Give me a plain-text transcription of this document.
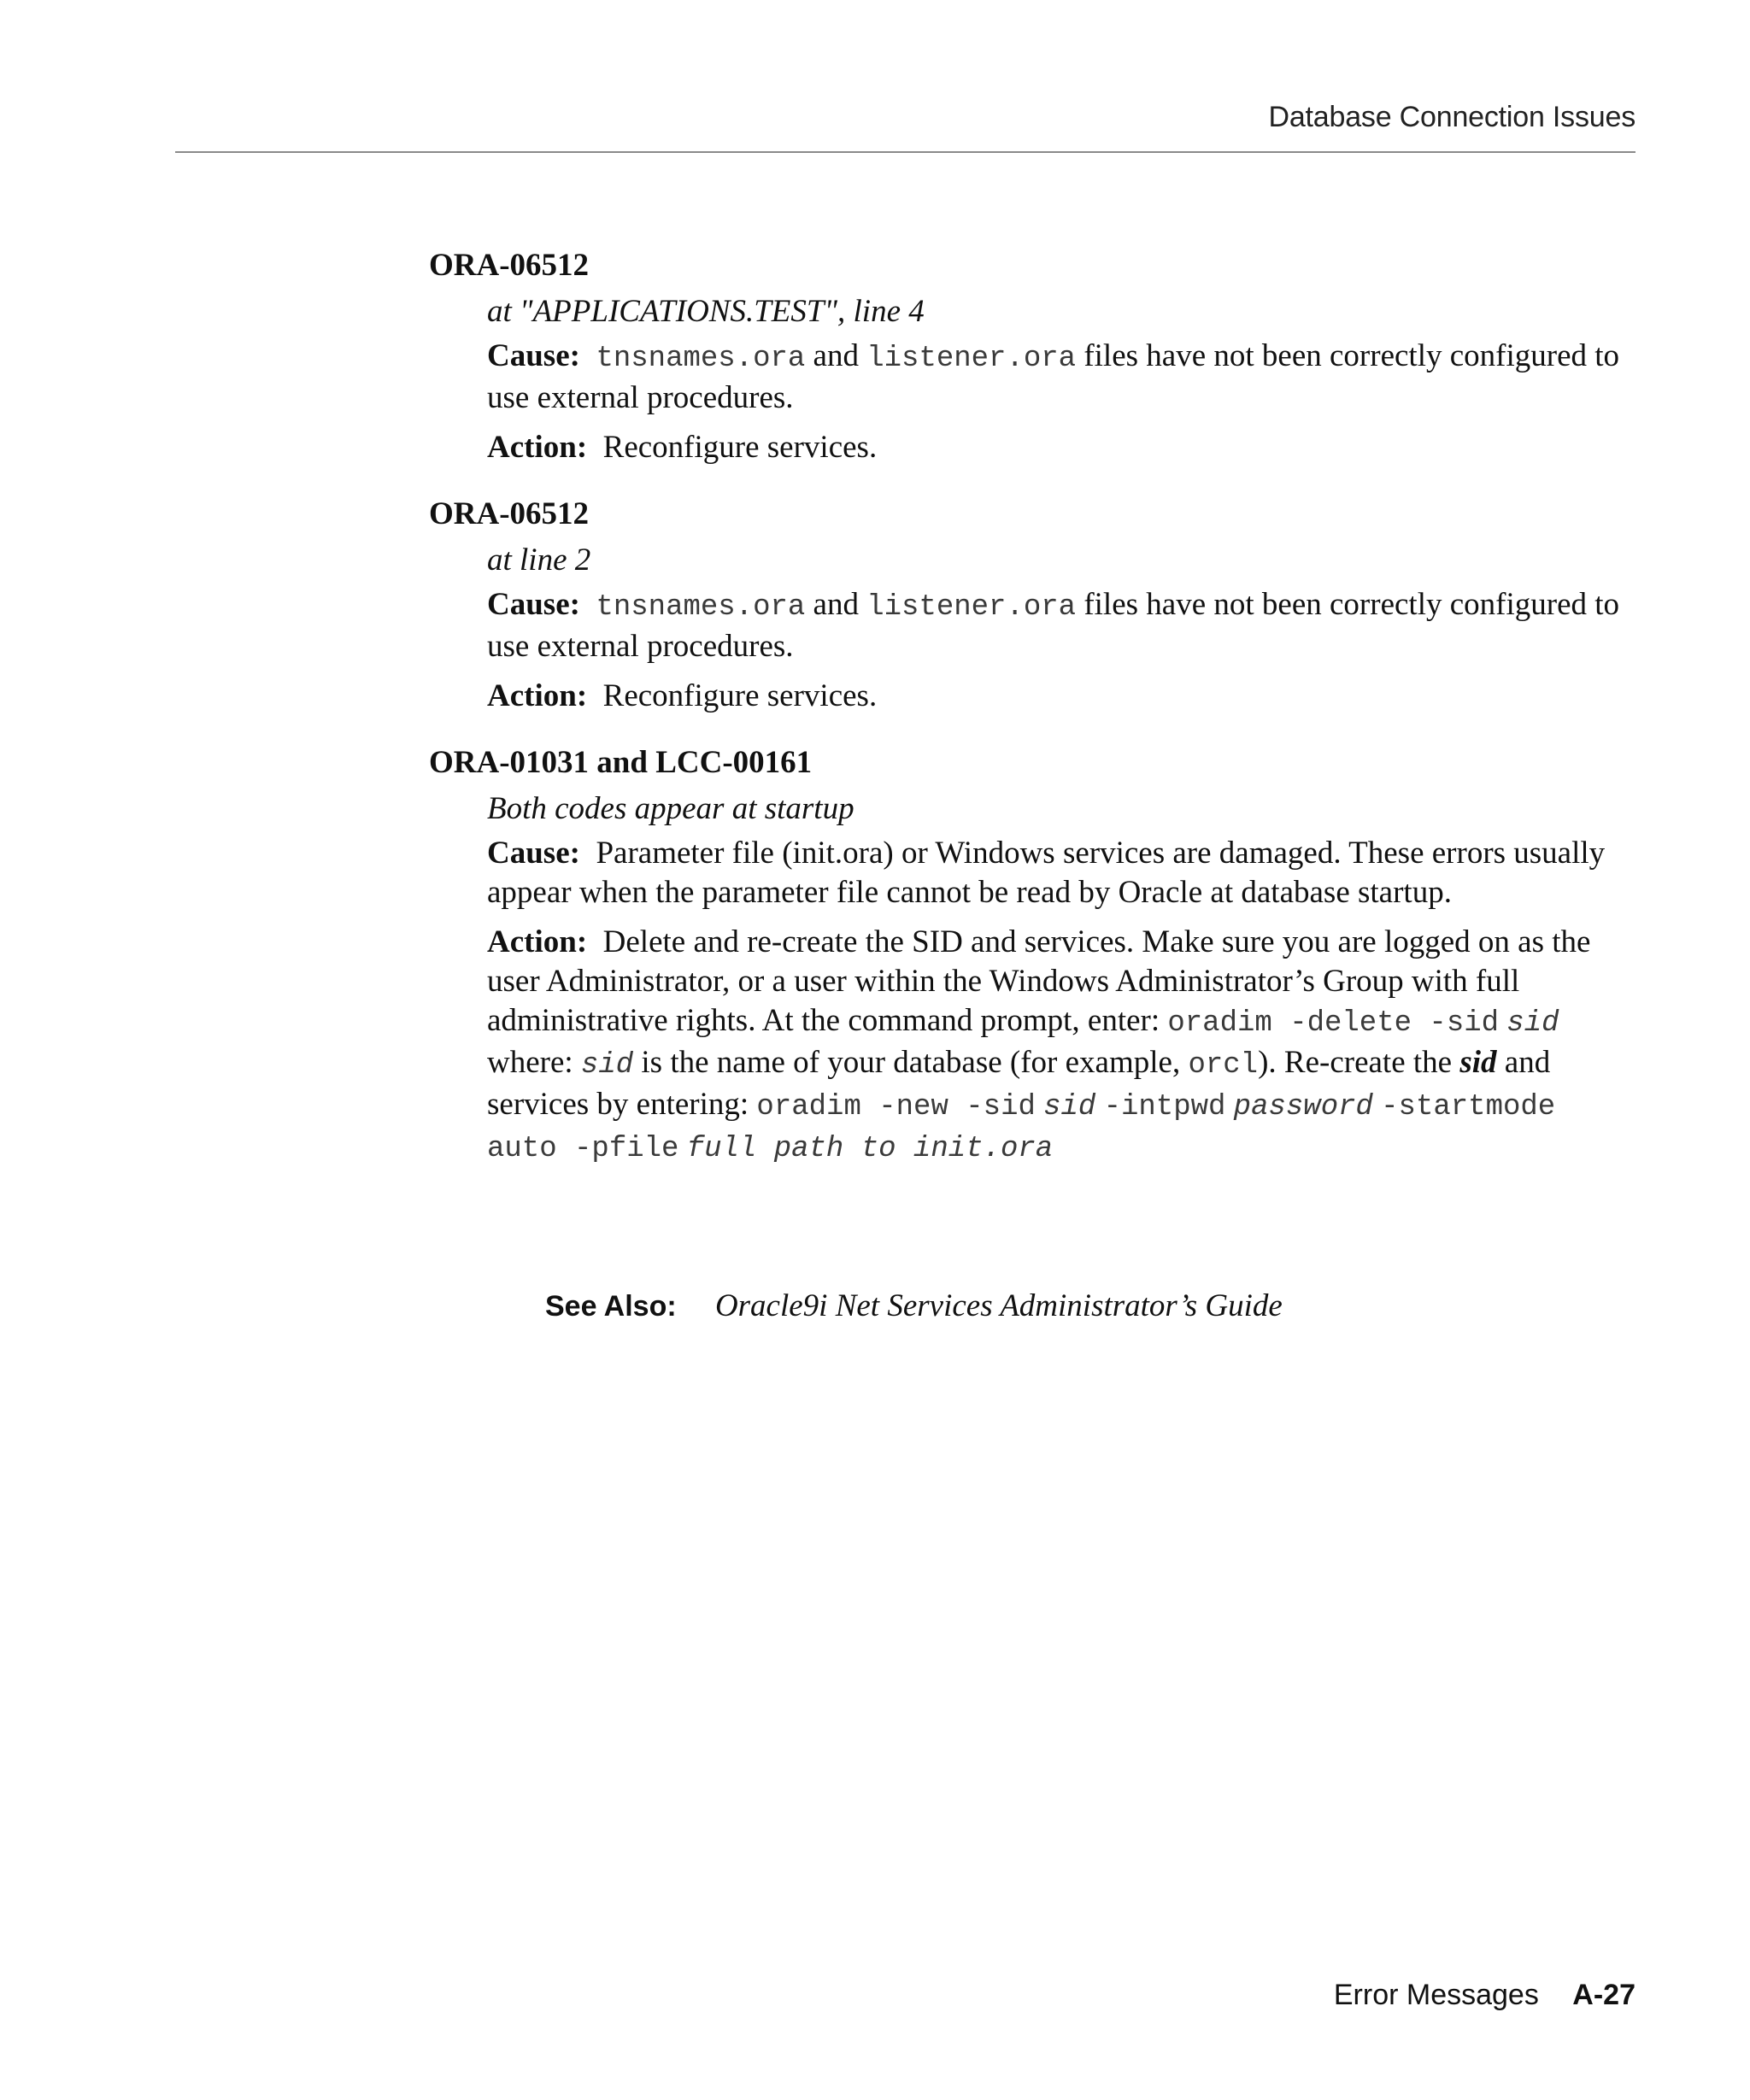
Database Connection Issues
ORA-06512
at "APPLICATIONS.TEST", line 4
Cause: tnsnames.ora and listener.ora files have not been correctly configured to use external procedures.
Action: Reconfigure services.
ORA-06512
at line 2
Cause: tnsnames.ora and listener.ora files have not been correctly configured to use external procedures.
Action: Reconfigure services.
ORA-01031 and LCC-00161
Both codes appear at startup
Cause: Parameter file (init.ora) or Windows services are damaged. These errors usually appear when the parameter file cannot be read by Oracle at database startup.
Action: Delete and re-create the SID and services. Make sure you are logged on as the user Administrator, or a user within the Windows Administrator’s Group with full administrative rights. At the command prompt, enter: oradim -delete -sid sid where: sid is the name of your database (for example, orcl). Re-create the sid and services by entering: oradim -new -sid sid -intpwd password -startmode auto -pfile full path to init.ora
See Also: Oracle9i Net Services Administrator’s Guide
Error Messages A-27
